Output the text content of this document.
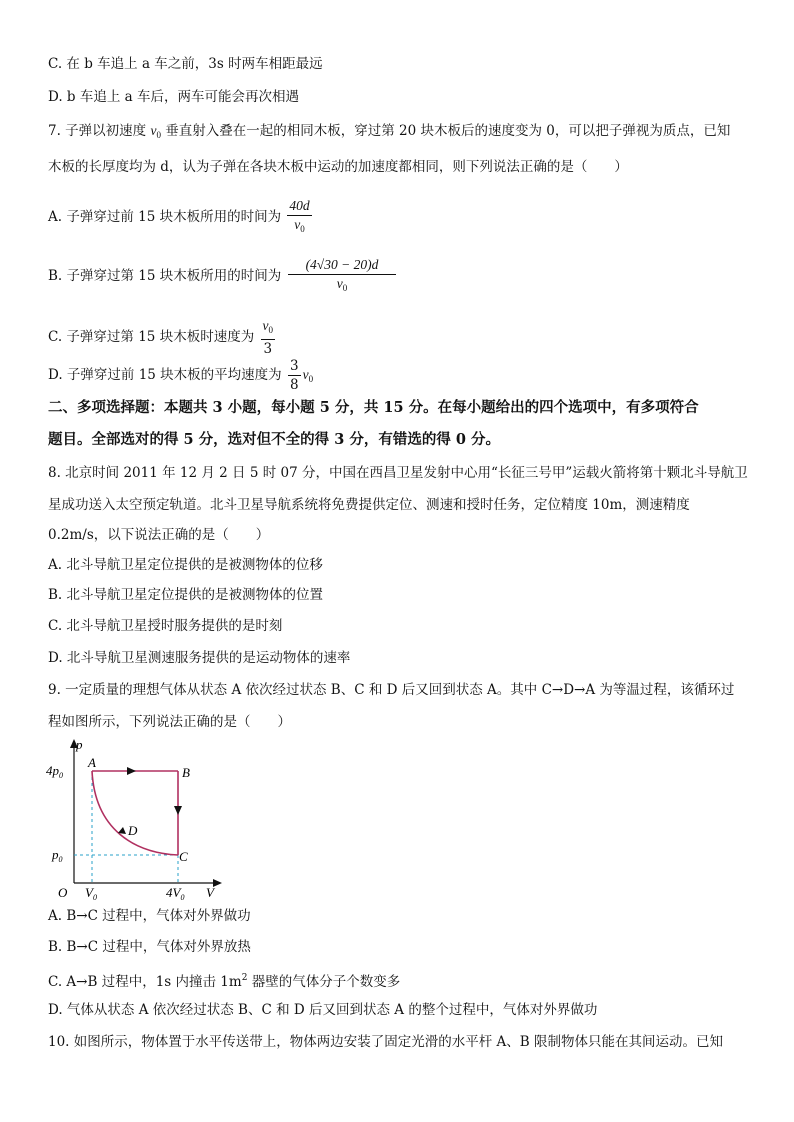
C. 在 b 车追上 a 车之前，3s 时两车相距最远
D. b 车追上 a 车后，两车可能会再次相遇
7. 子弹以初速度 $v_0$ 垂直射入叠在一起的相同木板，穿过第 20 块木板后的速度变为 0，可以把子弹视为质点，已知
木板的长厚度均为 d，认为子弹在各块木板中运动的加速度都相同，则下列说法正确的是（　　）
A. 子弹穿过前 15 块木板所用的时间为 $\frac{40d}{v_0}$
B. 子弹穿过第 15 块木板所用的时间为 $\frac{(4√30 - 20)d}{v_0}$
C. 子弹穿过第 15 块木板时速度为 $\frac{v_0}{3}$
D. 子弹穿过前 15 块木板的平均速度为 $\frac{3}{8} v_0$
二、多项选择题：本题共 3 小题，每小题 5 分，共 15 分。在每小题给出的四个选项中，有多项符合
题目。全部选对的得 5 分，选对但不全的得 3 分，有错选的得 0 分。
8. 北京时间 2011 年 12 月 2 日 5 时 07 分，中国在西昌卫星发射中心用“长征三号甲”运载火箭将第十颗北斗导航卫
星成功送入太空预定轨道。北斗卫星导航系统将免费提供定位、测速和授时任务，定位精度 10m，测速精度
0.2m/s，以下说法正确的是（　　）
A. 北斗导航卫星定位提供的是被测物体的位移
B. 北斗导航卫星定位提供的是被测物体的位置
C. 北斗导航卫星授时服务提供的是时刻
D. 北斗导航卫星测速服务提供的是运动物体的速率
9. 一定质量的理想气体从状态 A 依次经过状态 B、C 和 D 后又回到状态 A。其中 C→D→A 为等温过程，该循环过
程如图所示，下列说法正确的是（　　）
p
V
O
A
B
C
D
$4p_0$
$p_0$
$V_0$	$4V_0$
A. B→C 过程中，气体对外界做功
B. B→C 过程中，气体对外界放热
C. A→B 过程中，1s 内撞击 $1m^2$ 器壁的气体分子个数变多
D. 气体从状态 A 依次经过状态 B、C 和 D 后又回到状态 A 的整个过程中，气体对外界做功
10. 如图所示，物体置于水平传送带上，物体两边安装了固定光滑的水平杆 A、B 限制物体只能在其间运动。已知
